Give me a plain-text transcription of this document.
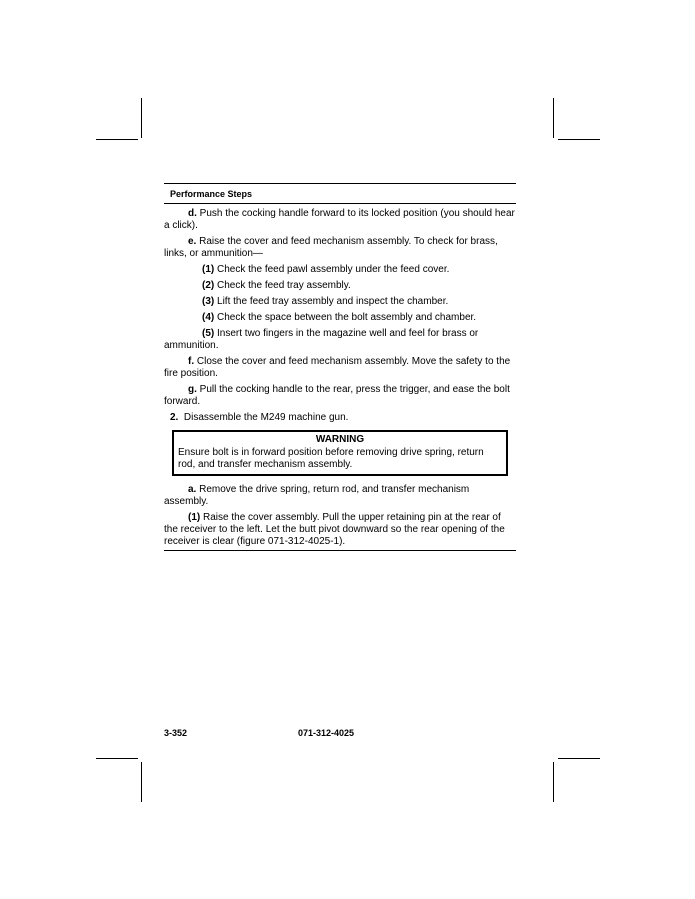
Performance Steps

d. Push the cocking handle forward to its locked position (you should hear a click).

e. Raise the cover and feed mechanism assembly. To check for brass, links, or ammunition—

(1) Check the feed pawl assembly under the feed cover.

(2) Check the feed tray assembly.

(3) Lift the feed tray assembly and inspect the chamber.

(4) Check the space between the bolt assembly and chamber.

(5) Insert two fingers in the magazine well and feel for brass or ammunition.

f. Close the cover and feed mechanism assembly. Move the safety to the fire position.

g. Pull the cocking handle to the rear, press the trigger, and ease the bolt forward.

2. Disassemble the M249 machine gun.

WARNING
Ensure bolt is in forward position before removing drive spring, return rod, and transfer mechanism assembly.

a. Remove the drive spring, return rod, and transfer mechanism assembly.

(1) Raise the cover assembly. Pull the upper retaining pin at the rear of the receiver to the left. Let the butt pivot downward so the rear opening of the receiver is clear (figure 071-312-4025-1).

3-352	071-312-4025
